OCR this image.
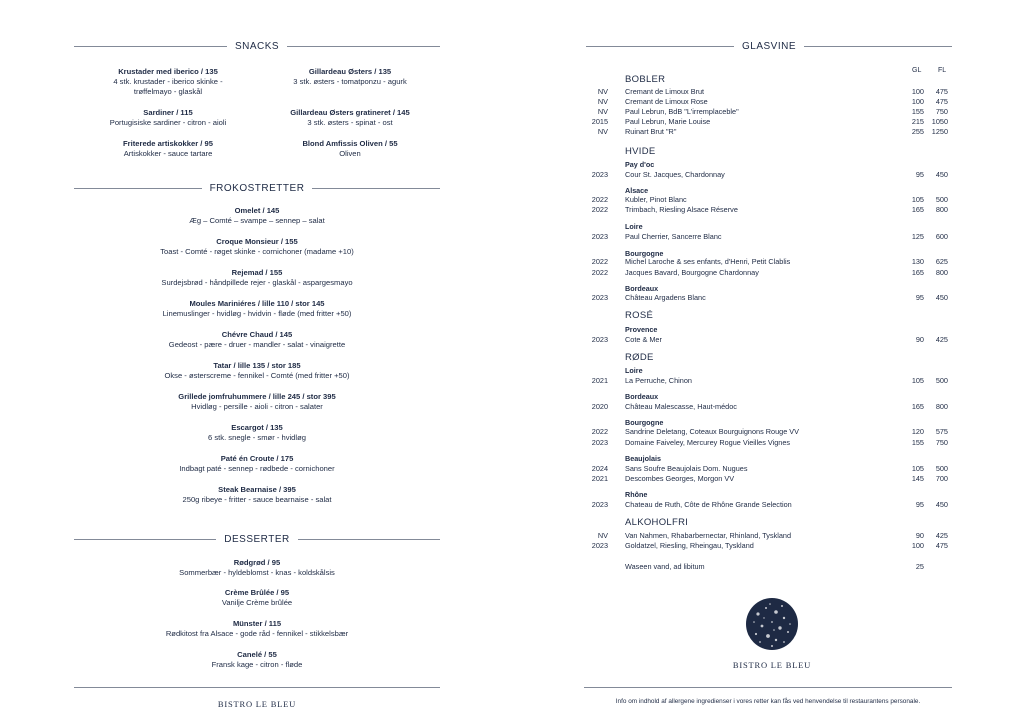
SNACKS
Krustader med iberico / 135
4 stk. krustader - iberico skinke -
trøffelmayo - glaskål
Sardiner / 115
Portugisiske sardiner - citron - aioli
Friterede artiskokker / 95
Artiskokker - sauce tartare
Gillardeau Østers / 135
3 stk. østers - tomatponzu - agurk
Gillardeau Østers gratineret / 145
3 stk. østers - spinat - ost
Blond Amfissis Oliven / 55
Oliven
FROKOSTRETTER
Omelet / 145
Æg – Comté – svampe – sennep – salat
Croque Monsieur / 155
Toast - Comté - røget skinke - cornichoner (madame +10)
Rejemad / 155
Surdejsbrød - håndpillede rejer - glaskål - aspargesmayo
Moules Mariniéres / lille 110 / stor 145
Linemuslinger - hvidløg - hvidvin - fløde (med fritter +50)
Chévre Chaud / 145
Gedeost - pære - druer - mandler - salat - vinaigrette
Tatar / lille 135 / stor 185
Okse - østerscreme - fennikel - Comté (med fritter +50)
Grillede jomfruhummere / lille 245 / stor 395
Hvidløg - persille - aioli - citron - salater
Escargot / 135
6 stk. snegle - smør - hvidløg
Paté én Croute / 175
Indbagt paté - sennep - rødbede - cornichoner
Steak Bearnaise / 395
250g ribeye - fritter - sauce bearnaise - salat
DESSERTER
Rødgrød / 95
Sommerbær - hyldeblomst - knas - koldskålsis
Crème Brûlée / 95
Vanilje Crème brûlée
Münster / 115
Rødkitost fra Alsace - gode råd - fennikel - stikkelsbær
Canelé / 55
Fransk kage - citron - fløde
BISTRO LE BLEU
GLASVINE
GL FL
BOBLER
NV Cremant de Limoux Brut	100	475
NV Cremant de Limoux Rose	100	475
NV Paul Lebrun, BdB "L'irremplaceble"	155	750
2015 Paul Lebrun, Marie Louise	215	1050
NV Ruinart Brut "R"	255	1250
HVIDE
Pay d'oc
2023 Cour St. Jacques, Chardonnay	95	450
Alsace
2022 Kubler, Pinot Blanc	105	500
2022 Trimbach, Riesling Alsace Réserve	165	800
Loire
2023 Paul Cherrier, Sancerre Blanc	125	600
Bourgogne
2022 Michel Laroche & ses enfants, d'Henri, Petit Clablis	130	625
2022 Jacques Bavard, Bourgogne Chardonnay	165	800
Bordeaux
2023 Château Argadens Blanc	95	450
ROSÉ
Provence
2023 Cote & Mer	90	425
RØDE
Loire
2021 La Perruche, Chinon	105	500
Bordeaux
2020 Château Malescasse, Haut-médoc	165	800
Bourgogne
2022 Sandrine Deletang, Coteaux Bourguignons Rouge VV	120	575
2023 Domaine Faiveley, Mercurey Rogue Vieilles Vignes	155	750
Beaujolais
2024 Sans Soufre Beaujolais Dom. Nugues	105	500
2021 Descombes Georges, Morgon VV	145	700
Rhône
2023 Chateau de Ruth, Côte de Rhône Grande Selection	95	450
ALKOHOLFRI
NV Van Nahmen, Rhabarbernectar, Rhinland, Tyskland	90	425
2023 Goldatzel, Riesling, Rheingau, Tyskland	100	475
Waseen vand, ad libitum	25
BISTRO LE BLEU
Info om indhold af allergene ingredienser i vores retter kan fås ved henvendelse til restaurantens personale.
